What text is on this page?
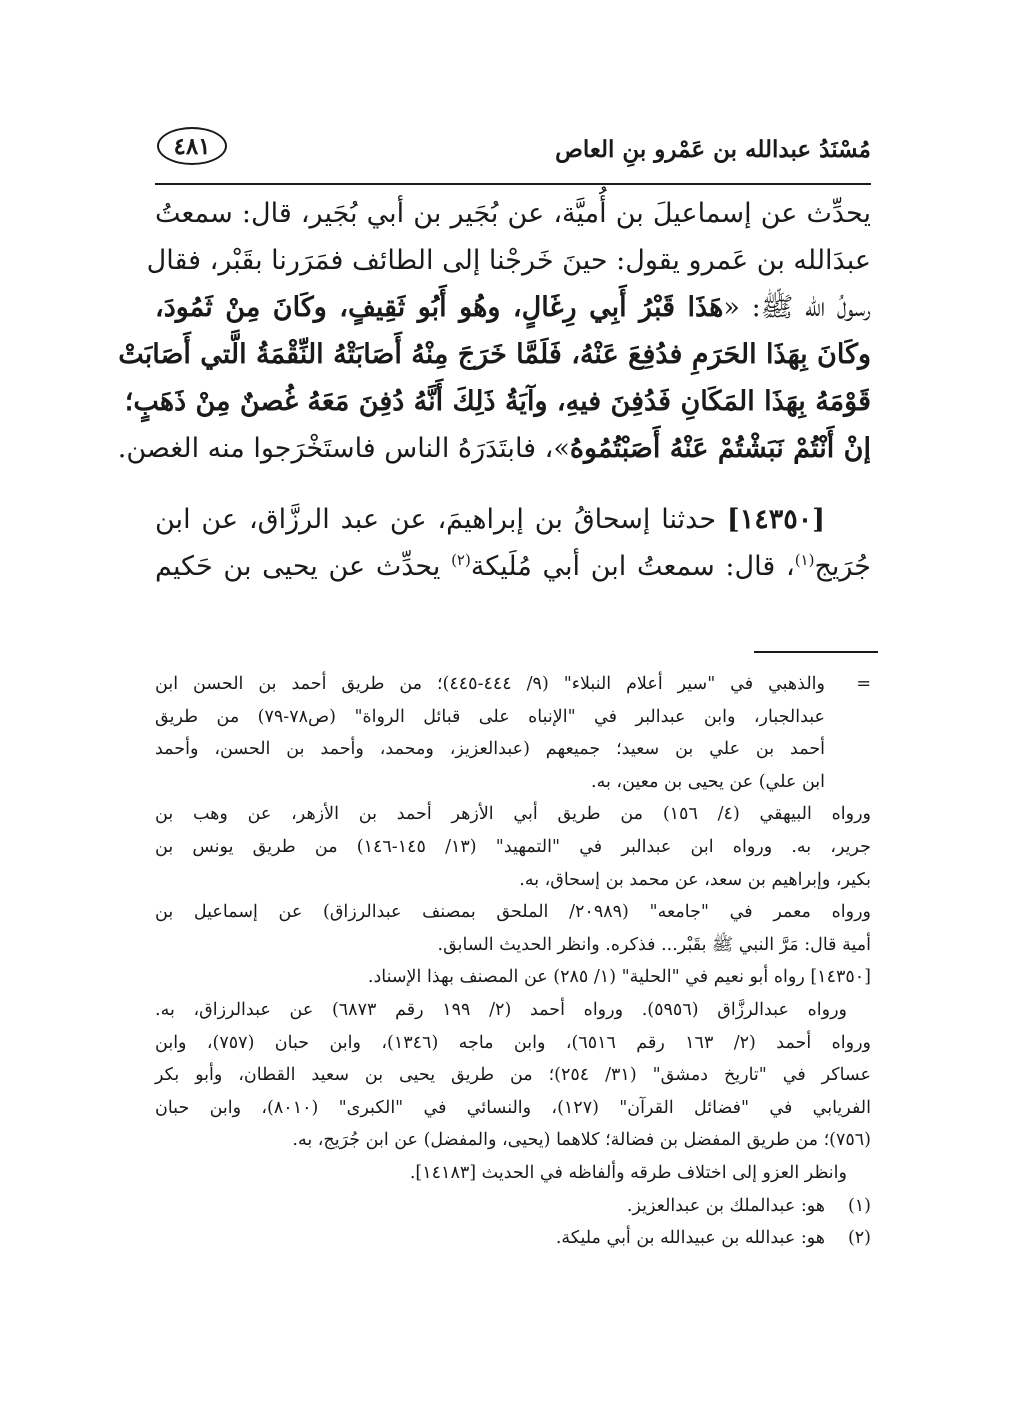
مُسْنَدُ عبدالله بن عَمْرو بنِ العاص
٤٨١
يحدِّث عن إسماعيلَ بن أُميَّة، عن بُجَير بن أبي بُجَير، قال: سمعتُ
عبدَالله بن عَمرو يقول: حينَ خَرجْنا إلى الطائف فمَرَرنا بقَبْر، فقال
رسولُ الله ﷺ: «هَذَا قَبْرُ أَبِي رِغَالٍ، وهُو أَبُو ثَقِيفٍ، وكَانَ مِنْ ثَمُودَ،
وكَانَ بِهَذَا الحَرَمِ فدُفِعَ عَنْهُ، فَلَمَّا خَرَجَ مِنْهُ أَصَابَتْهُ النِّقْمَةُ الَّتي أَصَابَتْ
قَوْمَهُ بِهَذَا المَكَانِ فَدُفِنَ فيهِ، وآيَةُ ذَلِكَ أَنَّهُ دُفِنَ مَعَهُ غُصنٌ مِنْ ذَهَبٍ؛
إنْ أَنْتُمْ نَبَشْتُمْ عَنْهُ أَصَبْتُمُوهُ»، فابتَدَرَهُ الناس فاستَخْرَجوا منه الغصن.
[١٤٣٥٠] حدثنا إسحاقُ بن إبراهيمَ، عن عبد الرزَّاق، عن ابن
جُرَيج$^{(١)}$، قال: سمعتُ ابن أبي مُلَيكة$^{(٢)}$ يحدِّث عن يحيى بن حَكيم
=والذهبي في "سير أعلام النبلاء" (٩/ ٤٤٤-٤٤٥)؛ من طريق أحمد بن الحسن ابن
عبدالجبار، وابن عبدالبر في "الإنباه على قبائل الرواة" (ص٧٨-٧٩) من طريق
أحمد بن علي بن سعيد؛ جميعهم (عبدالعزيز، ومحمد، وأحمد بن الحسن، وأحمد
ابن علي) عن يحيى بن معين، به.
ورواه البيهقي (٤/ ١٥٦) من طريق أبي الأزهر أحمد بن الأزهر، عن وهب بن
جرير، به. ورواه ابن عبدالبر في "التمهيد" (١٣/ ١٤٥-١٤٦) من طريق يونس بن
بكير، وإبراهيم بن سعد، عن محمد بن إسحاق، به.
ورواه معمر في "جامعه" (٢٠٩٨٩/ الملحق بمصنف عبدالرزاق) عن إسماعيل بن
أمية قال: مَرَّ النبي ﷺ بقَبْر... فذكره. وانظر الحديث السابق.
[١٤٣٥٠] رواه أبو نعيم في "الحلية" (١/ ٢٨٥) عن المصنف بهذا الإسناد.
ورواه عبدالرزَّاق (٥٩٥٦). ورواه أحمد (٢/ ١٩٩ رقم ٦٨٧٣) عن عبدالرزاق، به.
ورواه أحمد (٢/ ١٦٣ رقم ٦٥١٦)، وابن ماجه (١٣٤٦)، وابن حبان (٧٥٧)، وابن
عساكر في "تاريخ دمشق" (٣١/ ٢٥٤)؛ من طريق يحيى بن سعيد القطان، وأبو بكر
الفريابي في "فضائل القرآن" (١٢٧)، والنسائي في "الكبرى" (٨٠١٠)، وابن حبان
(٧٥٦)؛ من طريق المفضل بن فضالة؛ كلاهما (يحيى، والمفضل) عن ابن جُرَيج، به.
وانظر العزو إلى اختلاف طرقه وألفاظه في الحديث [١٤١٨٣].
(١)هو: عبدالملك بن عبدالعزيز.
(٢)هو: عبدالله بن عبيدالله بن أبي مليكة.
